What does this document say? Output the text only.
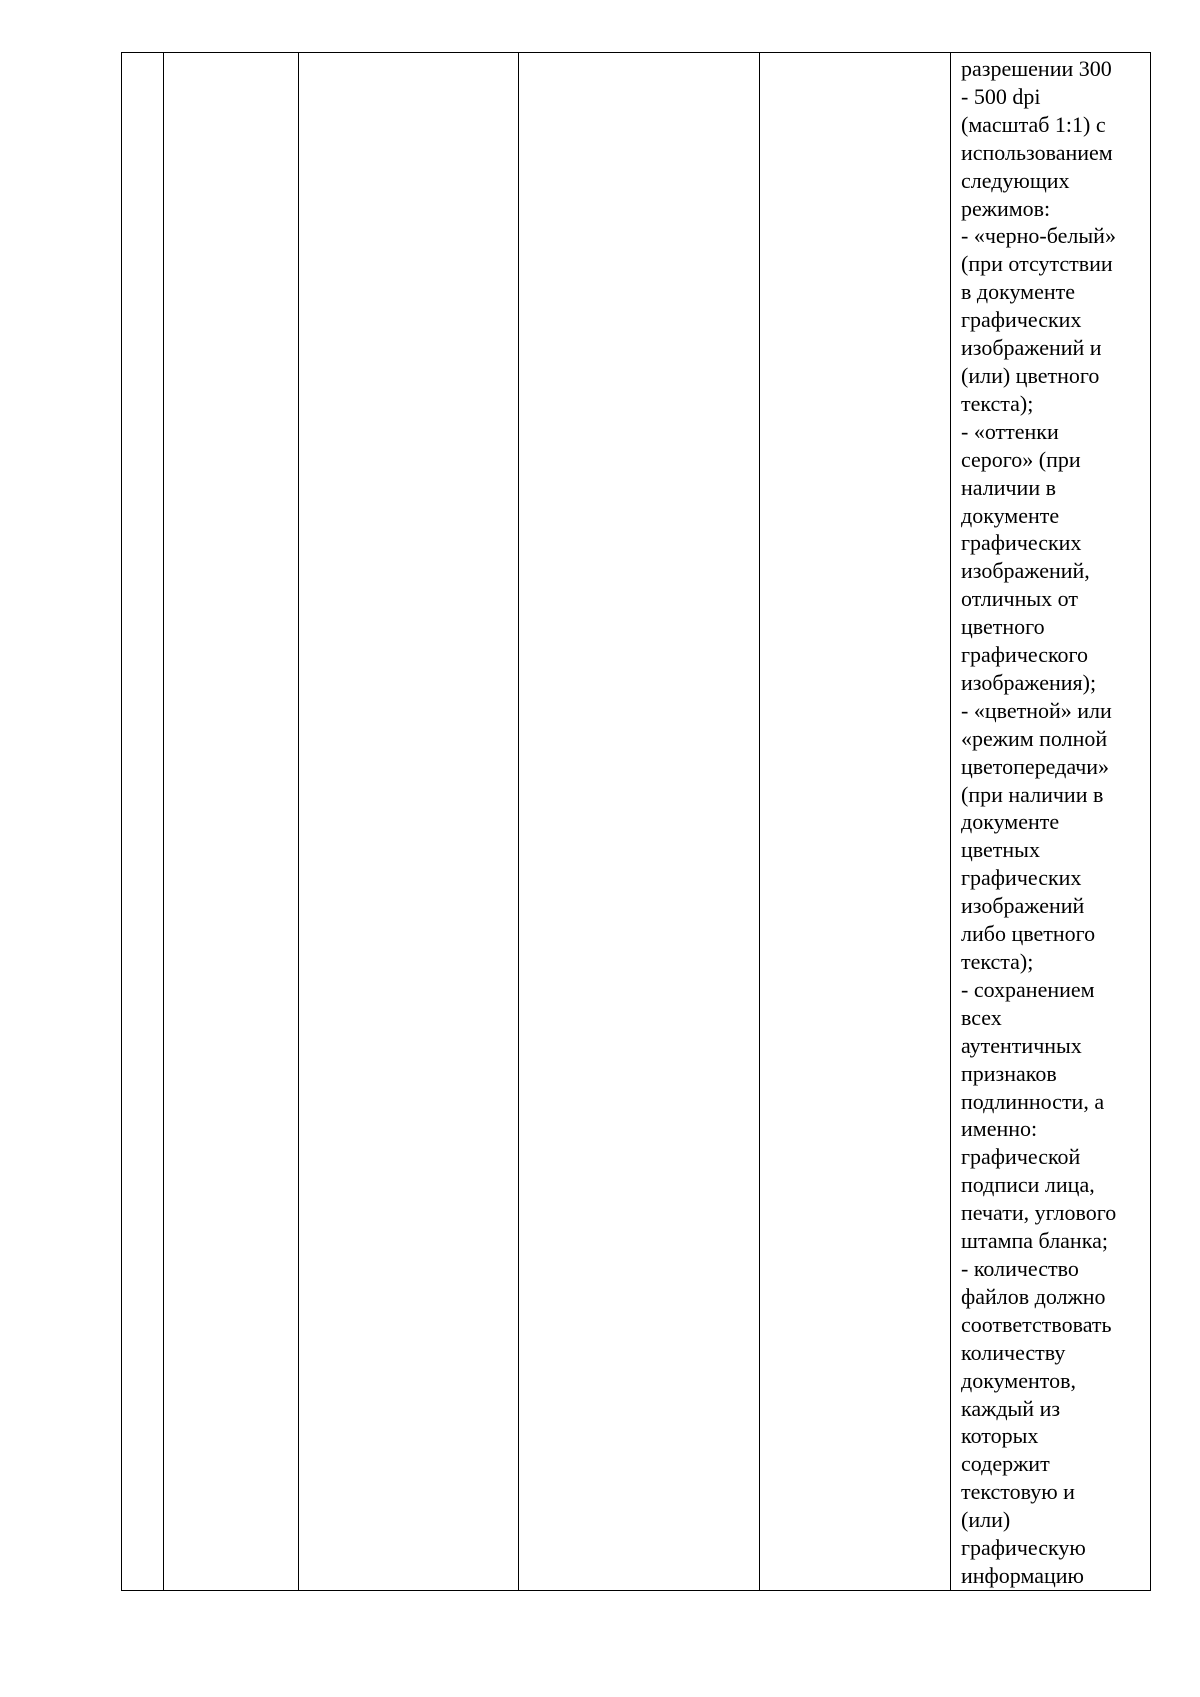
разрешении 300
- 500 dpi
(масштаб 1:1) с
использованием
следующих
режимов:
- «черно-белый»
(при отсутствии
в документе
графических
изображений и
(или) цветного
текста);
- «оттенки
серого» (при
наличии в
документе
графических
изображений,
отличных от
цветного
графического
изображения);
- «цветной» или
«режим полной
цветопередачи»
(при наличии в
документе
цветных
графических
изображений
либо цветного
текста);
- сохранением
всех
аутентичных
признаков
подлинности, а
именно:
графической
подписи лица,
печати, углового
штампа бланка;
- количество
файлов должно
соответствовать
количеству
документов,
каждый из
которых
содержит
текстовую и
(или)
графическую
информацию
